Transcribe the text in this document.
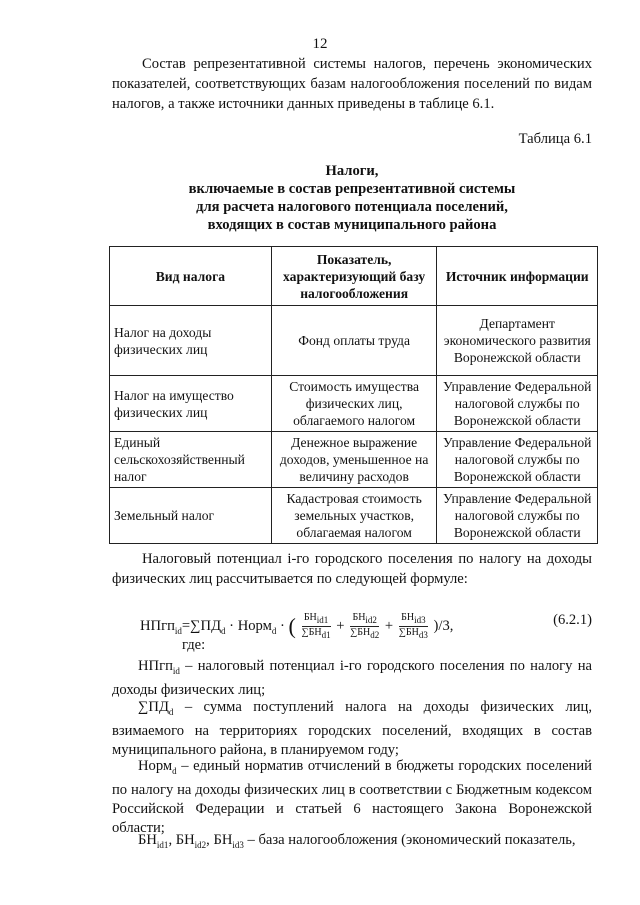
12

Состав репрезентативной системы налогов, перечень экономических показателей, соответствующих базам налогообложения поселений по видам налогов, а также источники данных приведены в таблице 6.1.

Таблица 6.1
Налоги,
включаемые в состав репрезентативной системы
для расчета налогового потенциала поселений,
входящих в состав муниципального района
Вид налога	Показатель, характеризующий базу налогообложения	Источник информации
Налог на доходы физических лиц	Фонд оплаты труда	Департамент экономического развития Воронежской области
Налог на имущество физических лиц	Стоимость имущества физических лиц, облагаемого налогом	Управление Федеральной налоговой службы по Воронежской области
Единый сельскохозяйственный налог	Денежное выражение доходов, уменьшенное на величину расходов	Управление Федеральной налоговой службы по Воронежской области
Земельный налог	Кадастровая стоимость земельных участков, облагаемая налогом	Управление Федеральной налоговой службы по Воронежской области

Налоговый потенциал i-го городского поселения по налогу на доходы физических лиц рассчитывается по следующей формуле:

$НПгп_{id}=\sum ПД_d$ · Норм$_d$ · ( $\frac{БН_{id1}}{\sum БН_{d1}} + \frac{БН_{id2}}{\sum БН_{d2}} + \frac{БН_{id3}}{\sum БН_{d3}} )/3$,	(6.2.1)
где:

НПгп$_{id}$ – налоговый потенциал i-го городского поселения по налогу на доходы физических лиц;

$\sum ПД_d$ – сумма поступлений налога на доходы физических лиц, взимаемого на территориях городских поселений, входящих в состав муниципального района, в планируемом году;

Норм$_d$ – единый норматив отчислений в бюджеты городских поселений по налогу на доходы физических лиц в соответствии с Бюджетным кодексом Российской Федерации и статьей 6 настоящего Закона Воронежской области;

$БН_{id1}$, $БН_{id2}$, $БН_{id3}$ – база налогообложения (экономический показатель,
